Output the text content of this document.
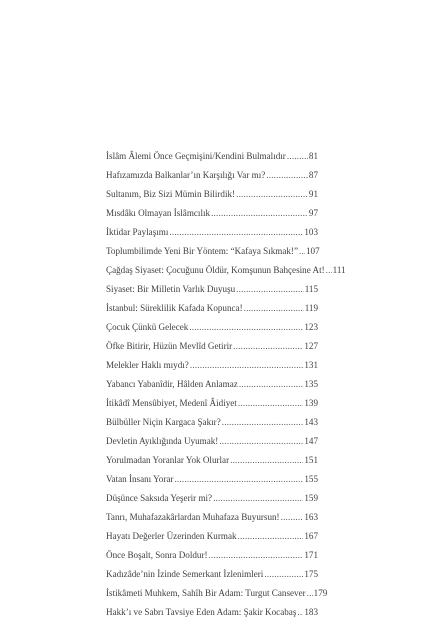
İslâm Âlemi Önce Geçmişini/Kendini Bulmalıdır .....	81
Hafızamızda Balkanlar’ın Karşılığı Var mı? .....	87
Sultanım, Biz Sizi Mümin Bilirdik! .....	91
Mısdâkı Olmayan İslâmcılık .....	97
İktidar Paylaşımı .....	103
Toplumbilimde Yeni Bir Yöntem: “Kafaya Sıkmak!” ..... 107
Çağdaş Siyaset: Çocuğunu Öldür, Komşunun Bahçesine At! ..... 111
Siyaset: Bir Milletin Varlık Duyuşu .....	115
İstanbul: Süreklilik Kafada Kopunca! .....	119
Çocuk Çünkü Gelecek .....	123
Öfke Bitirir, Hüzün Mevlîd Getirir .....	127
Melekler Haklı mıydı? .....	131
Yabancı Yabanîdir, Hâlden Anlamaz .....	135
İtikâdî Mensûbiyet, Medenî Âidiyet .....	139
Bülbüller Niçin Kargaca Şakır? .....	143
Devletin Ayıklığında Uyumak! .....	147
Yorulmadan Yoranlar Yok Olurlar .....	151
Vatan İnsanı Yorar .....	155
Düşünce Saksıda Yeşerir mi? .....	159
Tanrı, Muhafazakârlardan Muhafaza Buyursun! .....	163
Hayatı Değerler Üzerinden Kurmak .....	167
Önce Boşalt, Sonra Doldur! .....	171
Kadızâde’nin İzinde Semerkant İzlenimleri .....	175
İstikâmeti Muhkem, Sahîh Bir Adam: Turgut Cansever ..... 179
Hakk’ı ve Sabrı Tavsiye Eden Adam: Şakir Kocabaş ..... 183
